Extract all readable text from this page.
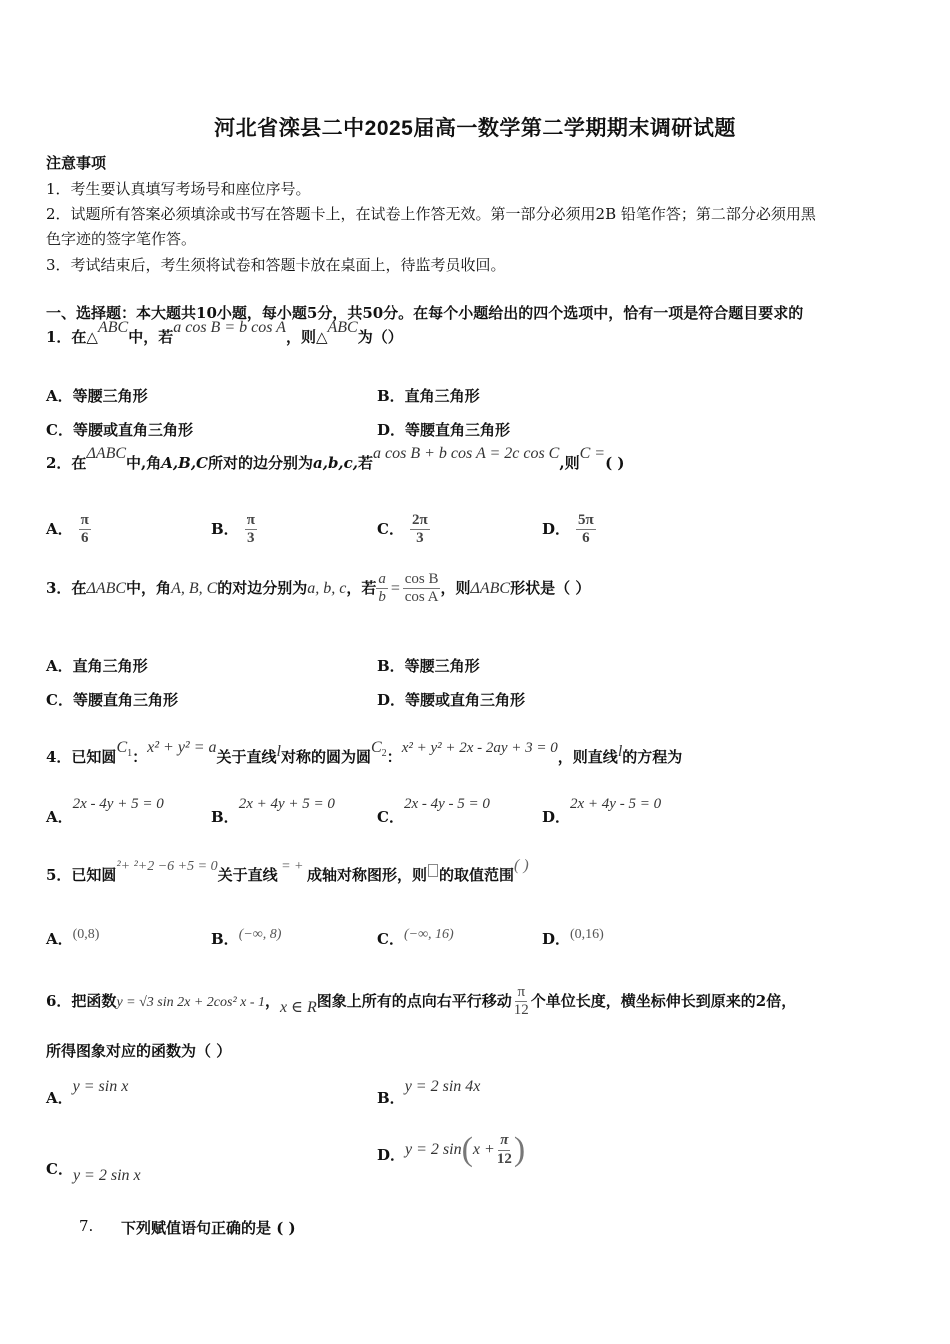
河北省滦县二中2025届高一数学第二学期期末调研试题
注意事项
1．考生要认真填写考场号和座位序号。
2．试题所有答案必须填涂或书写在答题卡上，在试卷上作答无效。第一部分必须用2B 铅笔作答；第二部分必须用黑
色字迹的签字笔作答。
3．考试结束后，考生须将试卷和答题卡放在桌面上，待监考员收回。
一、选择题：本大题共10小题，每小题5分，共50分。在每个小题给出的四个选项中，恰有一项是符合题目要求的
1．在△ABC中，若a cos B = b cos A，则△ABC为（）
A．等腰三角形	B．直角三角形
C．等腰或直角三角形	D．等腰直角三角形
2．在ΔABC中,角A,B,C所对的边分别为a,b,c,若a cos B + b cos A = 2c cos C,则C =( )
A． $\frac{\pi}{6}$	B． $\frac{\pi}{3}$	C． $\frac{2\pi}{3}$	D． $\frac{5\pi}{6}$
3．在ΔABC中，角A, B, C的对边分别为a, b, c，若 $\frac{a}{b} = \frac{\text{cos B}}{\text{cos A}}$ ，则ΔABC形状是（ ）
A．直角三角形	B．等腰三角形
C．等腰直角三角形	D．等腰或直角三角形
4．已知圆$C_1$：x² + y² = a关于直线l对称的圆为圆$C_2$：x² + y² + 2x - 2ay + 3 = 0，则直线l的方程为
A．2x - 4y + 5 = 0
B．2x + 4y + 5 = 0
C．2x - 4y - 5 = 0
D．2x + 4y - 5 = 0
5．已知圆²+ ²+2 −6 +5 = 0关于直线 = + 成轴对称图形，则 的取值范围( )
A．(0,8)	B．(−∞, 8)	C．(−∞, 16)	D．(0,16)
6．把函数y = √3 sin 2x + 2cos² x - 1，x ∈ R图象上所有的点向右平行移动 $\frac{\pi}{12}$ 个单位长度，横坐标伸长到原来的2倍，
所得图象对应的函数为（ ）
A．y = sin x
B．y = 2 sin 4x
C．y = 2 sin x
D． y = 2 sin ( $x + \frac{\pi}{12}$ )
7. 下列赋值语句正确的是 ( )
